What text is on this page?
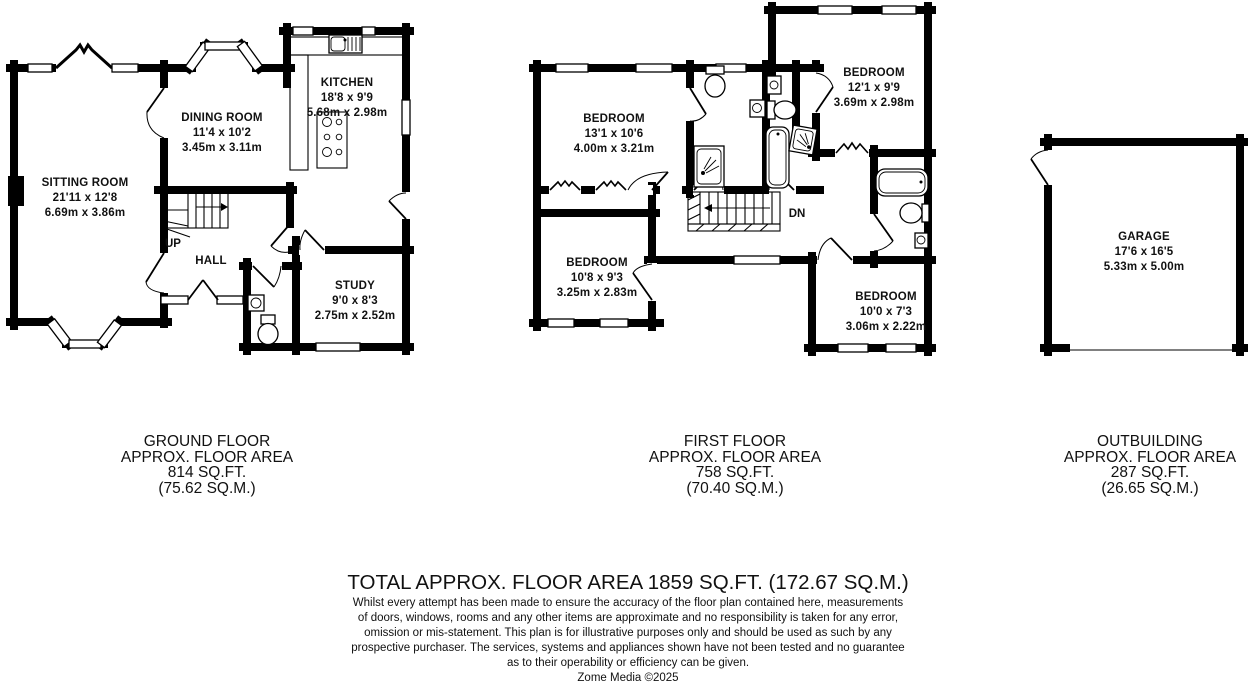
SITTING ROOM
21'11 x 12'8
6.69m x 3.86m
DINING ROOM
11'4 x 10'2
3.45m x 3.11m
KITCHEN
18'8 x 9'9
5.68m x 2.98m
HALL
STUDY
9'0 x 8'3
2.75m x 2.52m
UP
BEDROOM
13'1 x 10'6
4.00m x 3.21m
BEDROOM
12'1 x 9'9
3.69m x 2.98m
BEDROOM
10'8 x 9'3
3.25m x 2.83m	BEDROOM
10'0 x 7'3
3.06m x 2.22m
DN
GARAGE
17'6 x 16'5
5.33m x 5.00m
GROUND FLOOR
APPROX. FLOOR AREA
814 SQ.FT.
(75.62 SQ.M.)
FIRST FLOOR
APPROX. FLOOR AREA
758 SQ.FT.
(70.40 SQ.M.)
OUTBUILDING
APPROX. FLOOR AREA
287 SQ.FT.
(26.65 SQ.M.)
TOTAL APPROX. FLOOR AREA 1859 SQ.FT. (172.67 SQ.M.)
Whilst every attempt has been made to ensure the accuracy of the floor plan contained here, measurements
of doors, windows, rooms and any other items are approximate and no responsibility is taken for any error,
omission or mis-statement. This plan is for illustrative purposes only and should be used as such by any
prospective purchaser. The services, systems and appliances shown have not been tested and no guarantee
as to their operability or efficiency can be given.
Zome Media ©2025
